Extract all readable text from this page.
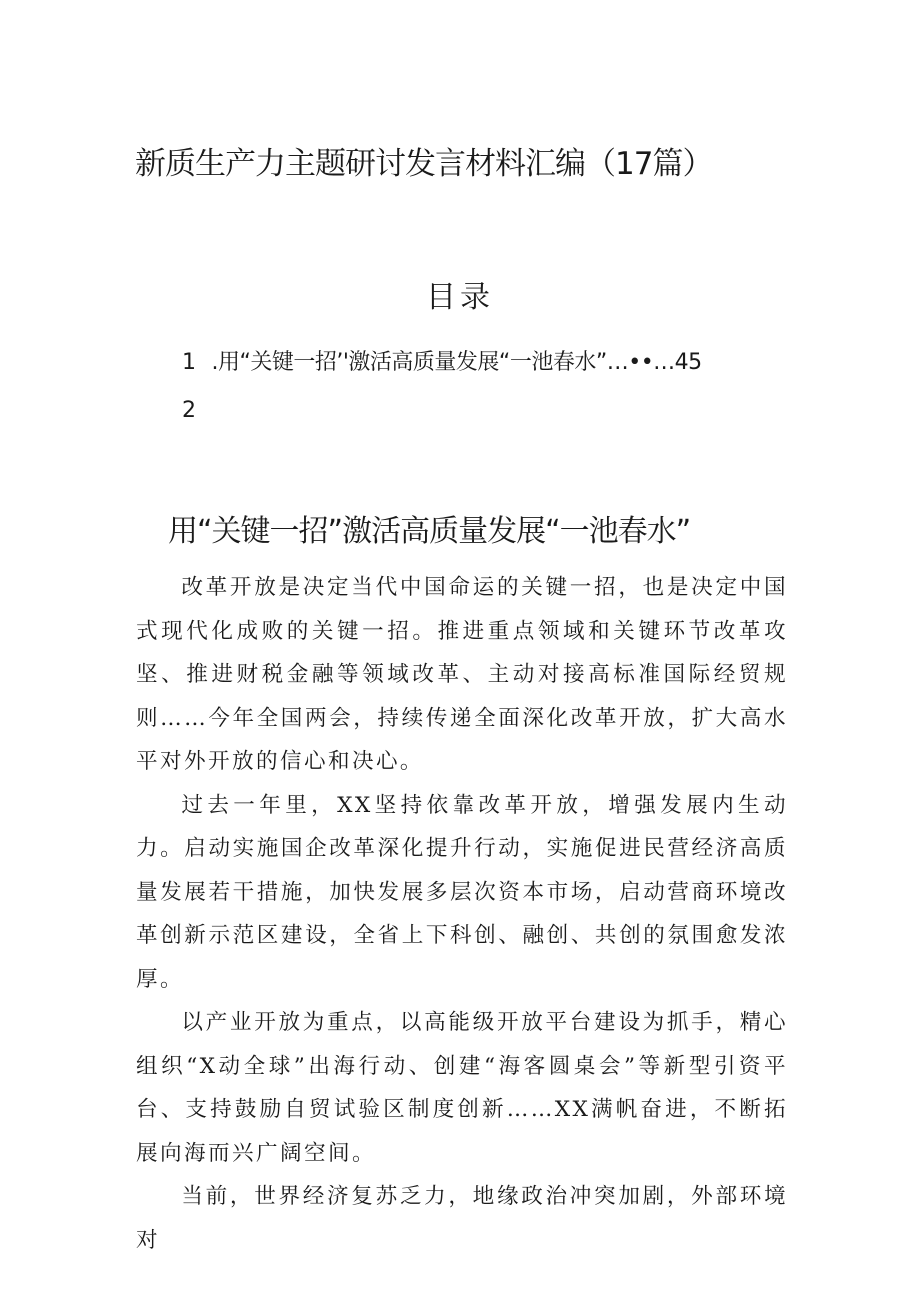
新质生产力主题研讨发言材料汇编（17篇）
目录
1 .用“关键一招’'激活高质量发展“一池春水”…••…45
2
用“关键一招”激活高质量发展“一池春水”

改革开放是决定当代中国命运的关键一招，也是决定中国式现代化成败的关键一招。推进重点领域和关键环节改革攻坚、推进财税金融等领域改革、主动对接高标准国际经贸规则……今年全国两会，持续传递全面深化改革开放，扩大高水平对外开放的信心和决心。

过去一年里，XX坚持依靠改革开放，增强发展内生动力。启动实施国企改革深化提升行动，实施促进民营经济高质量发展若干措施，加快发展多层次资本市场，启动营商环境改革创新示范区建设，全省上下科创、融创、共创的氛围愈发浓厚。

以产业开放为重点，以高能级开放平台建设为抓手，精心组织“X动全球”出海行动、创建“海客圆桌会”等新型引资平台、支持鼓励自贸试验区制度创新……XX满帆奋进，不断拓展向海而兴广阔空间。

当前，世界经济复苏乏力，地缘政治冲突加剧，外部环境对
